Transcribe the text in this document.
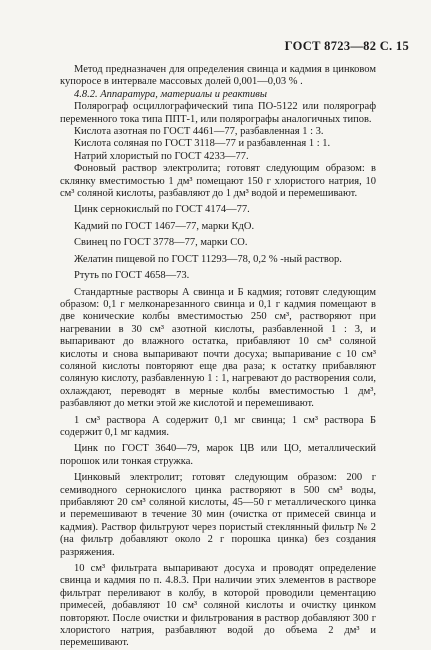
ГОСТ 8723—82 С. 15

Метод предназначен для определения свинца и кадмия в цинковом купоросе в интервале массовых долей 0,001—0,03 % .

4.8.2. Аппаратура, материалы и реактивы

Полярограф осциллографический типа ПО-5122 или полярограф переменного тока типа ППТ-1, или полярографы аналогичных типов.

Кислота азотная по ГОСТ 4461—77, разбавленная 1 : 3.

Кислота соляная по ГОСТ 3118—77 и разбавленная 1 : 1.

Натрий хлористый по ГОСТ 4233—77.

Фоновый раствор электролита; готовят следующим образом: в склянку вместимостью 1 дм³ помещают 150 г хлористого натрия, 10 см³ соляной кислоты, разбавляют до 1 дм³ водой и перемешивают.

Цинк сернокислый по ГОСТ 4174—77.

Кадмий по ГОСТ 1467—77, марки КдО.

Свинец по ГОСТ 3778—77, марки СО.

Желатин пищевой по ГОСТ 11293—78, 0,2 % -ный раствор.

Ртуть по ГОСТ 4658—73.

Стандартные растворы А свинца и Б кадмия; готовят следующим образом: 0,1 г мелконарезанного свинца и 0,1 г кадмия помещают в две конические колбы вместимостью 250 см³, растворяют при нагревании в 30 см³ азотной кислоты, разбавленной 1 : 3, и выпаривают до влажного остатка, прибавляют 10 см³ соляной кислоты и снова выпаривают почти досуха; выпаривание с 10 см³ соляной кислоты повторяют еще два раза; к остатку прибавляют соляную кислоту, разбавленную 1 : 1, нагревают до растворения соли, охлаждают, переводят в мерные колбы вместимостью 1 дм³, разбавляют до метки этой же кислотой и перемешивают.

1 см³ раствора А содержит 0,1 мг свинца; 1 см³ раствора Б содержит 0,1 мг кадмия.

Цинк по ГОСТ 3640—79, марок ЦВ или ЦО, металлический порошок или тонкая стружка.

Цинковый электролит; готовят следующим образом: 200 г семиводного сернокислого цинка растворяют в 500 см³ воды, прибавляют 20 см³ соляной кислоты, 45—50 г металлического цинка и перемешивают в течение 30 мин (очистка от примесей свинца и кадмия). Раствор фильтруют через пористый стеклянный фильтр № 2 (на фильтр добавляют около 2 г порошка цинка) без создания разряжения.

10 см³ фильтрата выпаривают досуха и проводят определение свинца и кадмия по п. 4.8.3. При наличии этих элементов в растворе фильтрат переливают в колбу, в которой проводили цементацию примесей, добавляют 10 см³ соляной кислоты и очистку цинком повторяют. После очистки и фильтрования в раствор добавляют 300 г хлористого натрия, разбавляют водой до объема 2 дм³ и перемешивают.
